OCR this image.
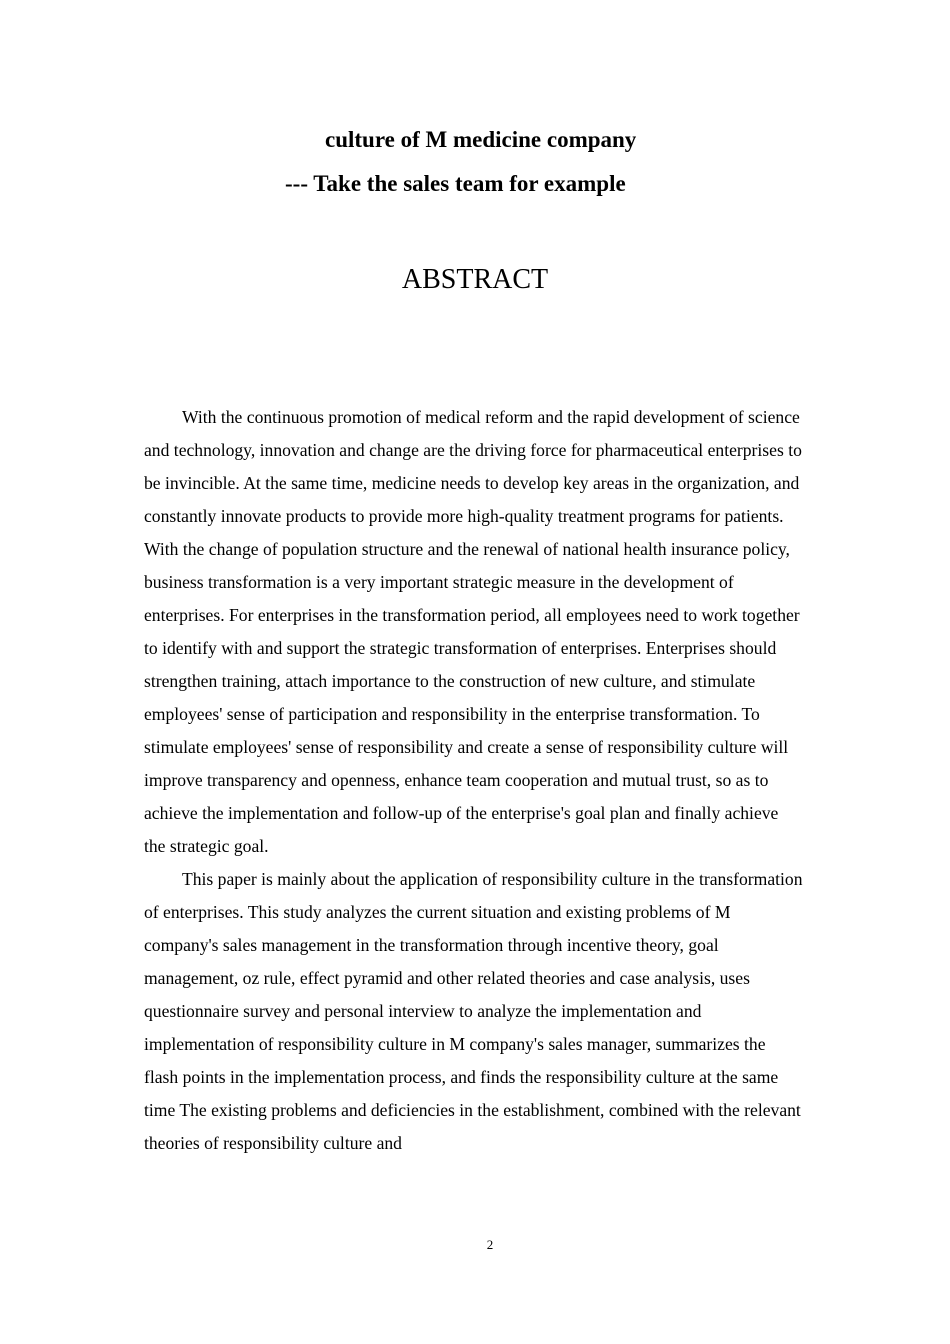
culture of M medicine company
--- Take the sales team for example
ABSTRACT

With the continuous promotion of medical reform and the rapid development of science and technology, innovation and change are the driving force for pharmaceutical enterprises to be invincible. At the same time, medicine needs to develop key areas in the organization, and constantly innovate products to provide more high-quality treatment programs for patients. With the change of population structure and the renewal of national health insurance policy, business transformation is a very important strategic measure in the development of enterprises. For enterprises in the transformation period, all employees need to work together to identify with and support the strategic transformation of enterprises. Enterprises should strengthen training, attach importance to the construction of new culture, and stimulate employees' sense of participation and responsibility in the enterprise transformation. To stimulate employees' sense of responsibility and create a sense of responsibility culture will improve transparency and openness, enhance team cooperation and mutual trust, so as to achieve the implementation and follow-up of the enterprise's goal plan and finally achieve the strategic goal.

This paper is mainly about the application of responsibility culture in the transformation of enterprises. This study analyzes the current situation and existing problems of M company's sales management in the transformation through incentive theory, goal management, oz rule, effect pyramid and other related theories and case analysis, uses questionnaire survey and personal interview to analyze the implementation and implementation of responsibility culture in M company's sales manager, summarizes the flash points in the implementation process, and finds the responsibility culture at the same time The existing problems and deficiencies in the establishment, combined with the relevant theories of responsibility culture and

2
